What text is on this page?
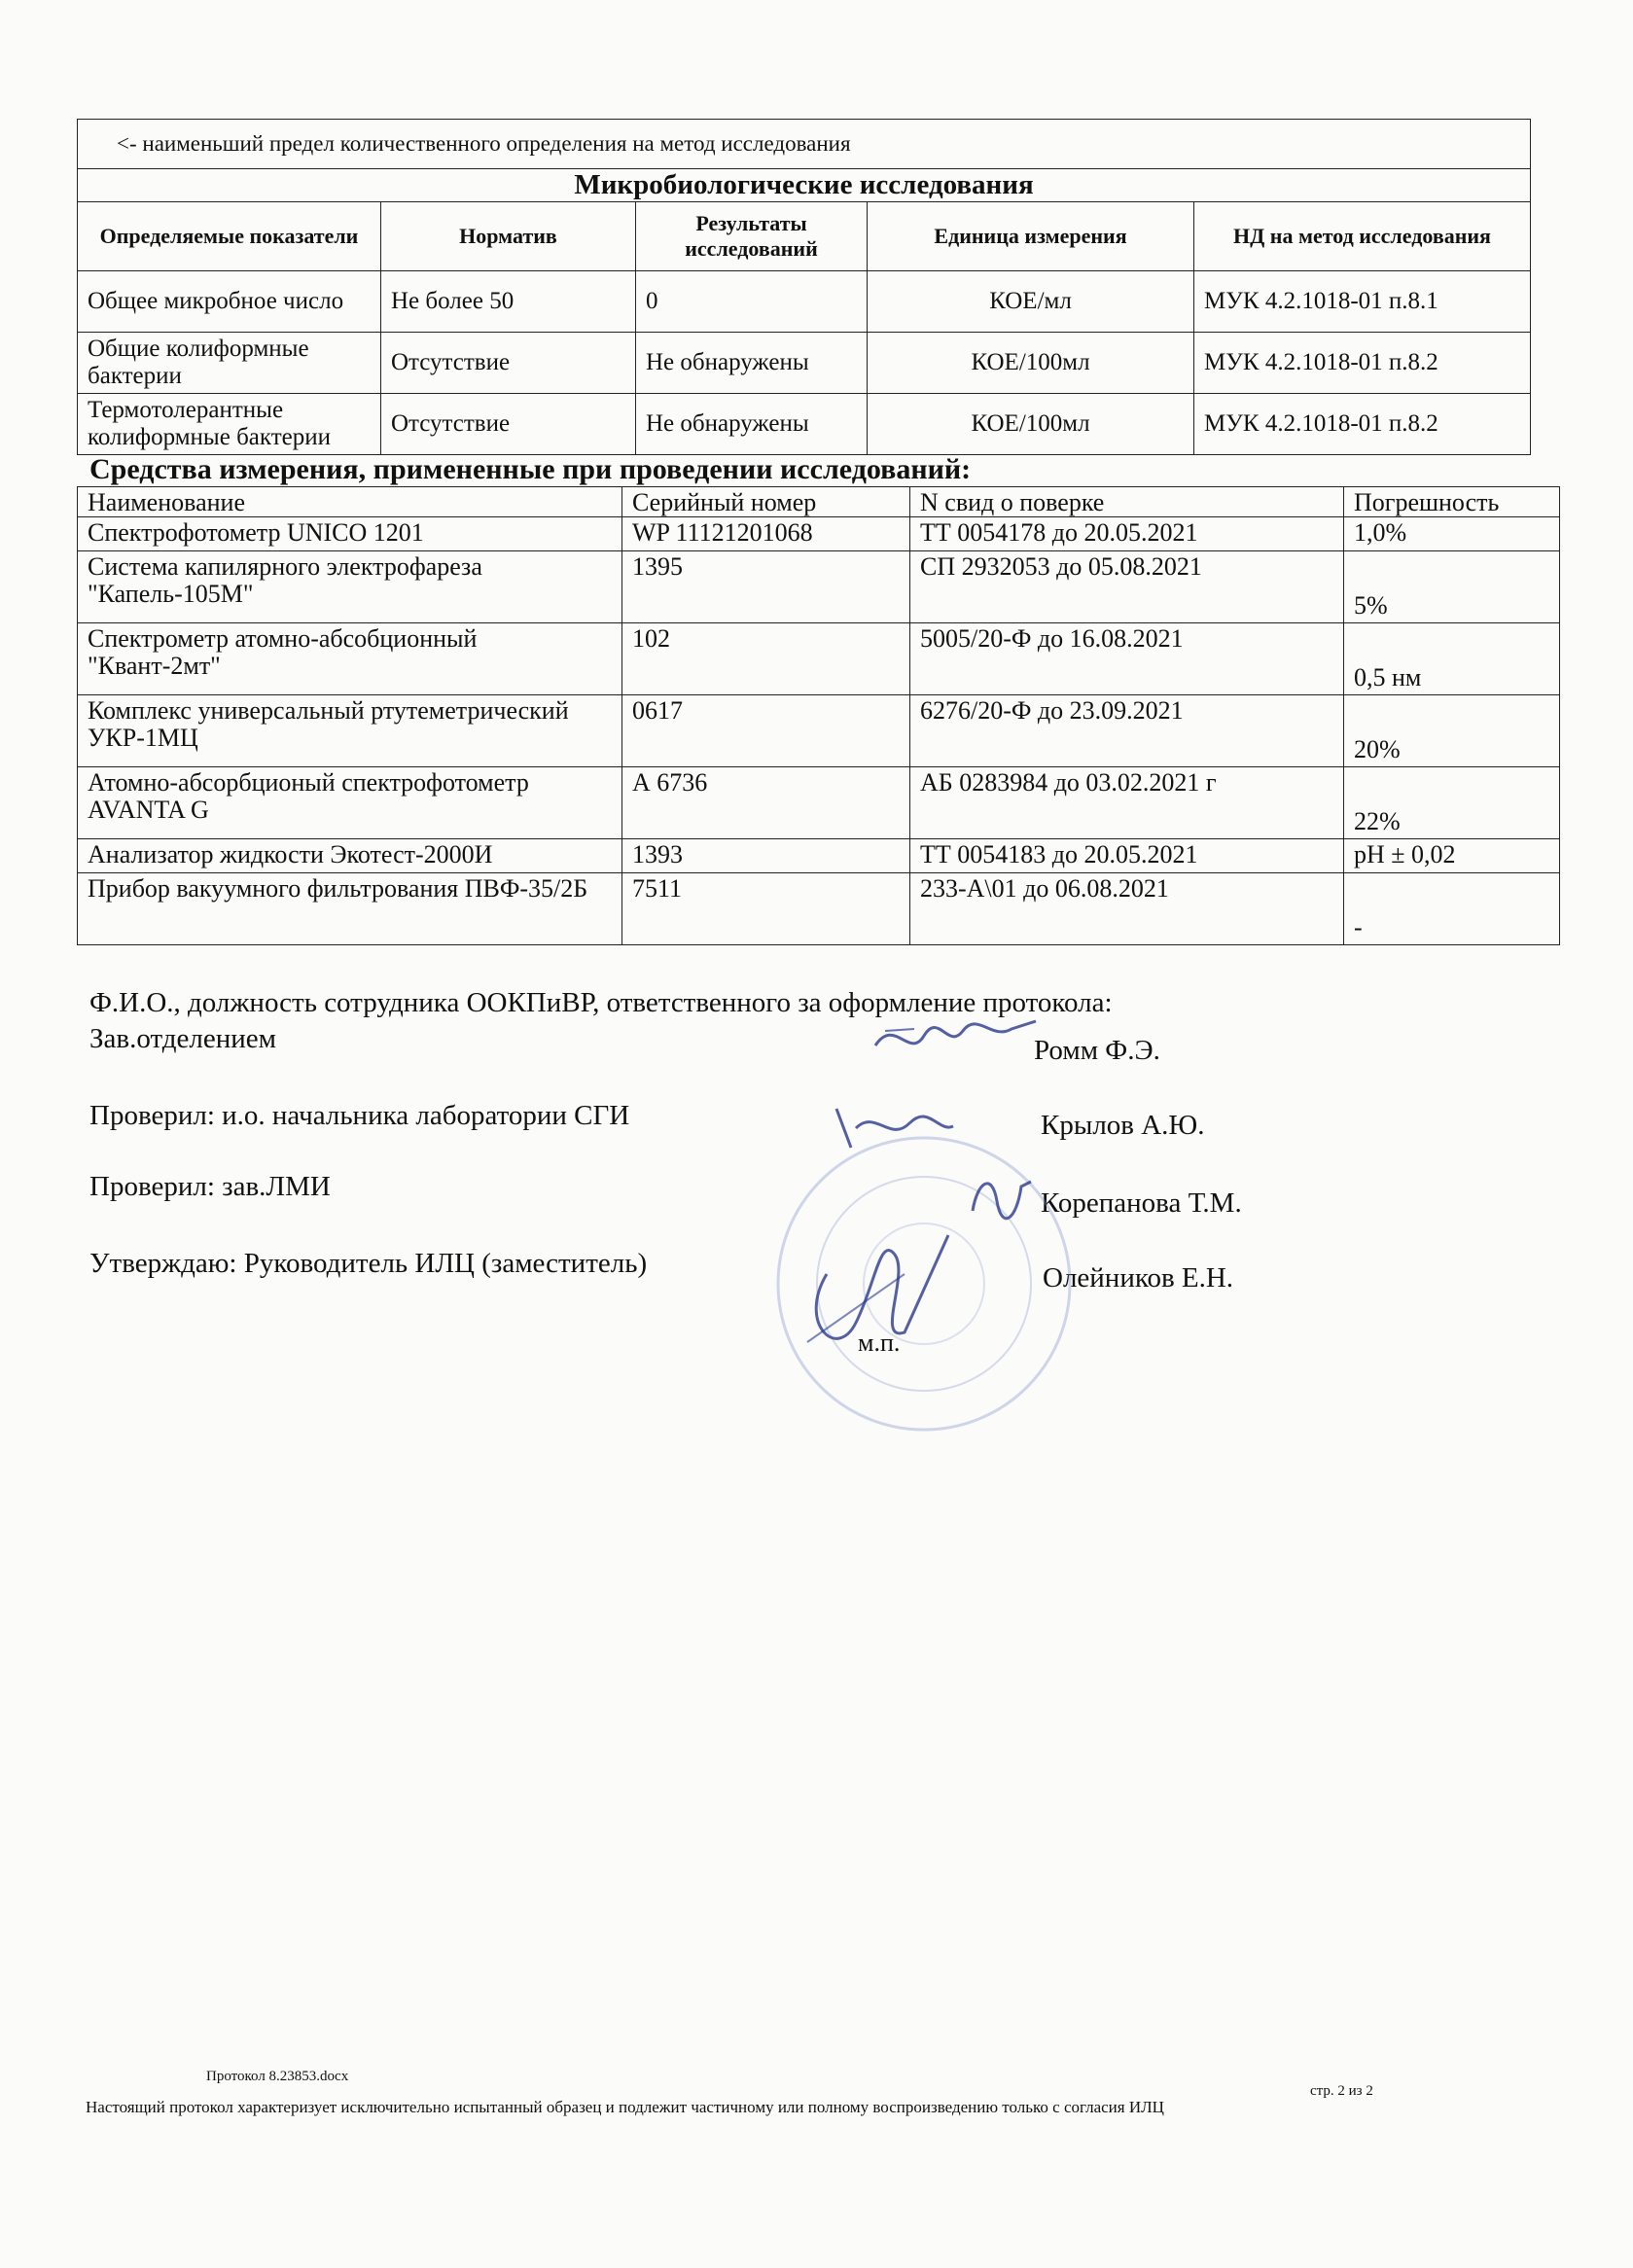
<- наименьший предел количественного определения на метод исследования				
Микробиологические исследования				
Определяемые показатели	Норматив	Результаты исследований	Единица измерения	НД на метод исследования
Общее микробное число	Не более 50	0	КОЕ/мл	МУК 4.2.1018-01 п.8.1
Общие колиформные бактерии	Отсутствие	Не обнаружены	КОЕ/100мл	МУК 4.2.1018-01 п.8.2
Термотолерантные колиформные бактерии	Отсутствие	Не обнаружены	КОЕ/100мл	МУК 4.2.1018-01 п.8.2
Средства измерения, примененные при проведении исследований:
Наименование	Серийный номер	N свид о поверке	Погрешность
Спектрофотометр UNICO 1201	WP 11121201068	ТТ 0054178 до 20.05.2021	1,0%
Система капилярного электрофареза "Капель-105М"	1395	СП 2932053 до 05.08.2021	5%
Спектрометр атомно-абсобционный "Квант-2мт"	102	5005/20-Ф до 16.08.2021	0,5 нм
Комплекс универсальный ртутеметрический УКР-1МЦ	0617	6276/20-Ф до 23.09.2021	20%
Атомно-абсорбционый спектрофотометр AVANTA G	А 6736	АБ 0283984 до 03.02.2021 г	22%
Анализатор жидкости Экотест-2000И	1393	ТТ 0054183 до 20.05.2021	pH ± 0,02
Прибор вакуумного фильтрования ПВФ-35/2Б	7511	233-А\01 до 06.08.2021	-
Ф.И.О., должность сотрудника ООКПиВР, ответственного за оформление протокола:
Зав.отделением	Ромм Ф.Э.
Проверил: и.о. начальника лаборатории СГИ	Крылов А.Ю.
Проверил: зав.ЛМИ
Корепанова Т.М.
Утверждаю: Руководитель ИЛЦ (заместитель)	Олейников Е.Н.
м.п.
Протокол 8.23853.docx
стр. 2 из 2
Настоящий протокол характеризует исключительно испытанный образец и подлежит частичному или полному воспроизведению только с согласия ИЛЦ
